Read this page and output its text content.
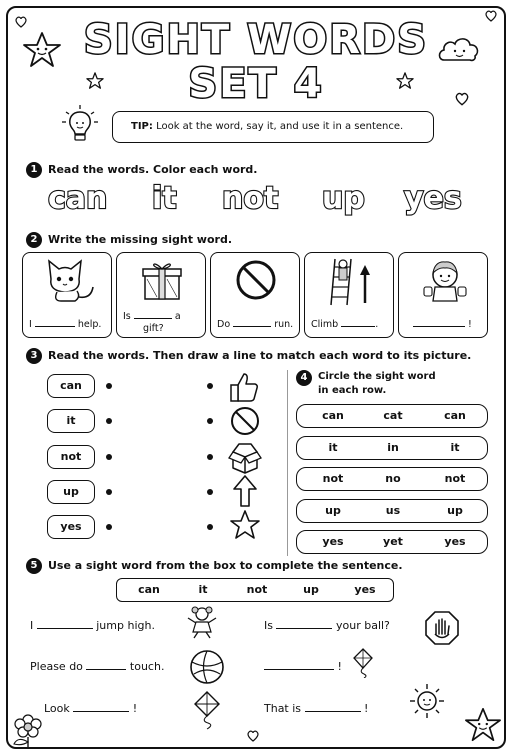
SIGHT WORDS
SET 4
TIP: Look at the word, say it, and use it in a sentence.
1 Read the words. Color each word.
can it not up yes
2 Write the missing sight word.
I	help.
Is	a
gift?	Do	run. Climb	.	!
3 Read the words. Then draw a line to match each word to its picture.
can
it
not
up
yes
4	Circle the sight word
in each row.
can	cat	can
it	in	it
not	no	not
up	us	up
yes	yet	yes
5 Use a sight word from the box to complete the sentence.
can	it	not	up	yes
I	jump high.	Is	your ball?
Please do	touch.	!
Look	!	That is	!
